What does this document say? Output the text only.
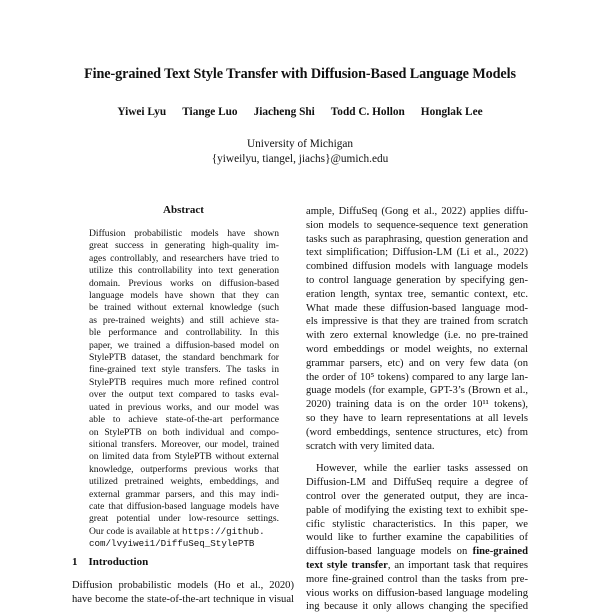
Fine-grained Text Style Transfer with Diffusion-Based Language Models
Yiwei Lyu Tiange Luo Jiacheng Shi Todd C. Hollon Honglak Lee
University of Michigan
{yiweilyu, tiangel, jiachs}@umich.edu
Abstract
Diffusion probabilistic models have shown
great success in generating high-quality im-
ages controllably, and researchers have tried to
utilize this controllability into text generation
domain. Previous works on diffusion-based
language models have shown that they can
be trained without external knowledge (such
as pre-trained weights) and still achieve sta-
ble performance and controllability. In this
paper, we trained a diffusion-based model on
StylePTB dataset, the standard benchmark for
fine-grained text style transfers. The tasks in
StylePTB requires much more refined control
over the output text compared to tasks eval-
uated in previous works, and our model was
able to achieve state-of-the-art performance
on StylePTB on both individual and compo-
sitional transfers. Moreover, our model, trained
on limited data from StylePTB without external
knowledge, outperforms previous works that
utilized pretrained weights, embeddings, and
external grammar parsers, and this may indi-
cate that diffusion-based language models have
great potential under low-resource settings.
Our code is available at https://github.
com/lvyiwei1/DiffuSeq_StylePTB
1 Introduction
Diffusion probabilistic models (Ho et al., 2020)
have become the state-of-the-art technique in visual
ample, DiffuSeq (Gong et al., 2022) applies diffu-
sion models to sequence-sequence text generation
tasks such as paraphrasing, question generation and
text simplification; Diffusion-LM (Li et al., 2022)
combined diffusion models with language models
to control language generation by specifying gen-
eration length, syntax tree, semantic context, etc.
What made these diffusion-based language mod-
els impressive is that they are trained from scratch
with zero external knowledge (i.e. no pre-trained
word embeddings or model weights, no external
grammar parsers, etc) and on very few data (on
the order of 10⁵ tokens) compared to any large lan-
guage models (for example, GPT-3’s (Brown et al.,
2020) training data is on the order 10¹¹ tokens),
so they have to learn representations at all levels
(word embeddings, sentence structures, etc) from
scratch with very limited data.
However, while the earlier tasks assessed on
Diffusion-LM and DiffuSeq require a degree of
control over the generated output, they are inca-
pable of modifying the existing text to exhibit spe-
cific stylistic characteristics. In this paper, we
would like to further examine the capabilities of
diffusion-based language models on fine-grained
text style transfer, an important task that requires
more fine-grained control than the tasks from pre-
vious works on diffusion-based language modeling
ing because it only allows changing the specified
